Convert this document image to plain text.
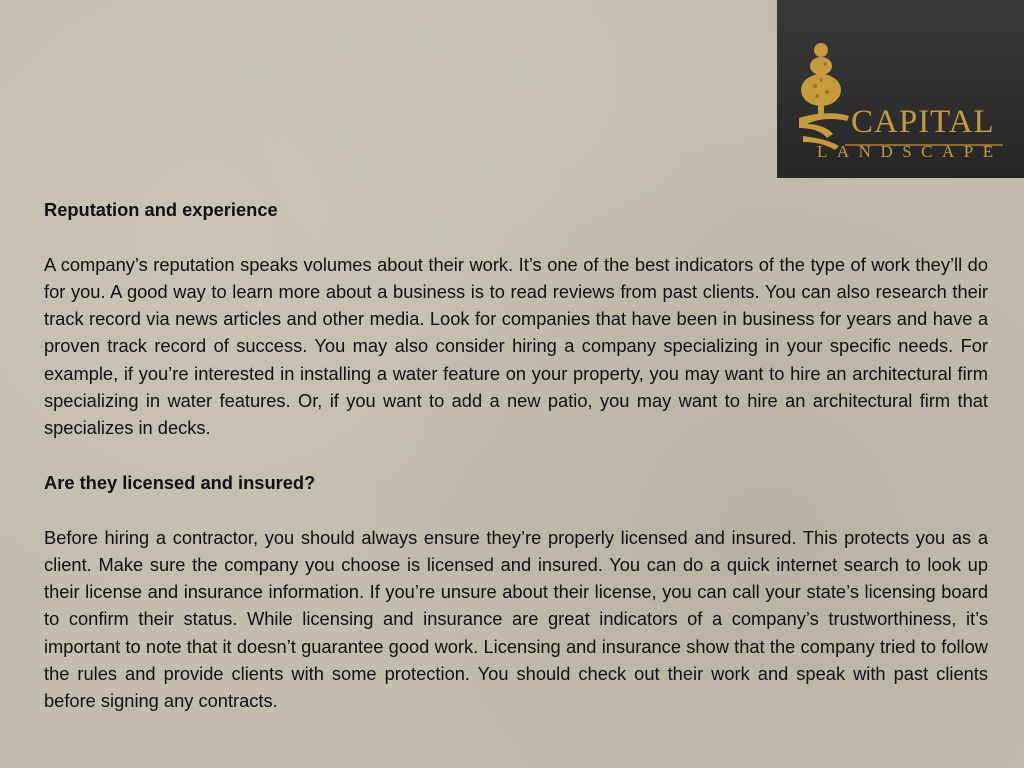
CAPITAL
LANDSCAPE

Reputation and experience

A company’s reputation speaks volumes about their work. It’s one of the best indicators of the type of work they’ll do for you. A good way to learn more about a business is to read reviews from past clients. You can also research their track record via news articles and other media. Look for companies that have been in business for years and have a proven track record of success. You may also consider hiring a company specializing in your specific needs. For example, if you’re interested in installing a water feature on your property, you may want to hire an architectural firm specializing in water features. Or, if you want to add a new patio, you may want to hire an architectural firm that specializes in decks.

Are they licensed and insured?

Before hiring a contractor, you should always ensure they’re properly licensed and insured. This protects you as a client. Make sure the company you choose is licensed and insured. You can do a quick internet search to look up their license and insurance information. If you’re unsure about their license, you can call your state’s licensing board to confirm their status. While licensing and insurance are great indicators of a company’s trustworthiness, it’s important to note that it doesn’t guarantee good work. Licensing and insurance show that the company tried to follow the rules and provide clients with some protection. You should check out their work and speak with past clients before signing any contracts.
